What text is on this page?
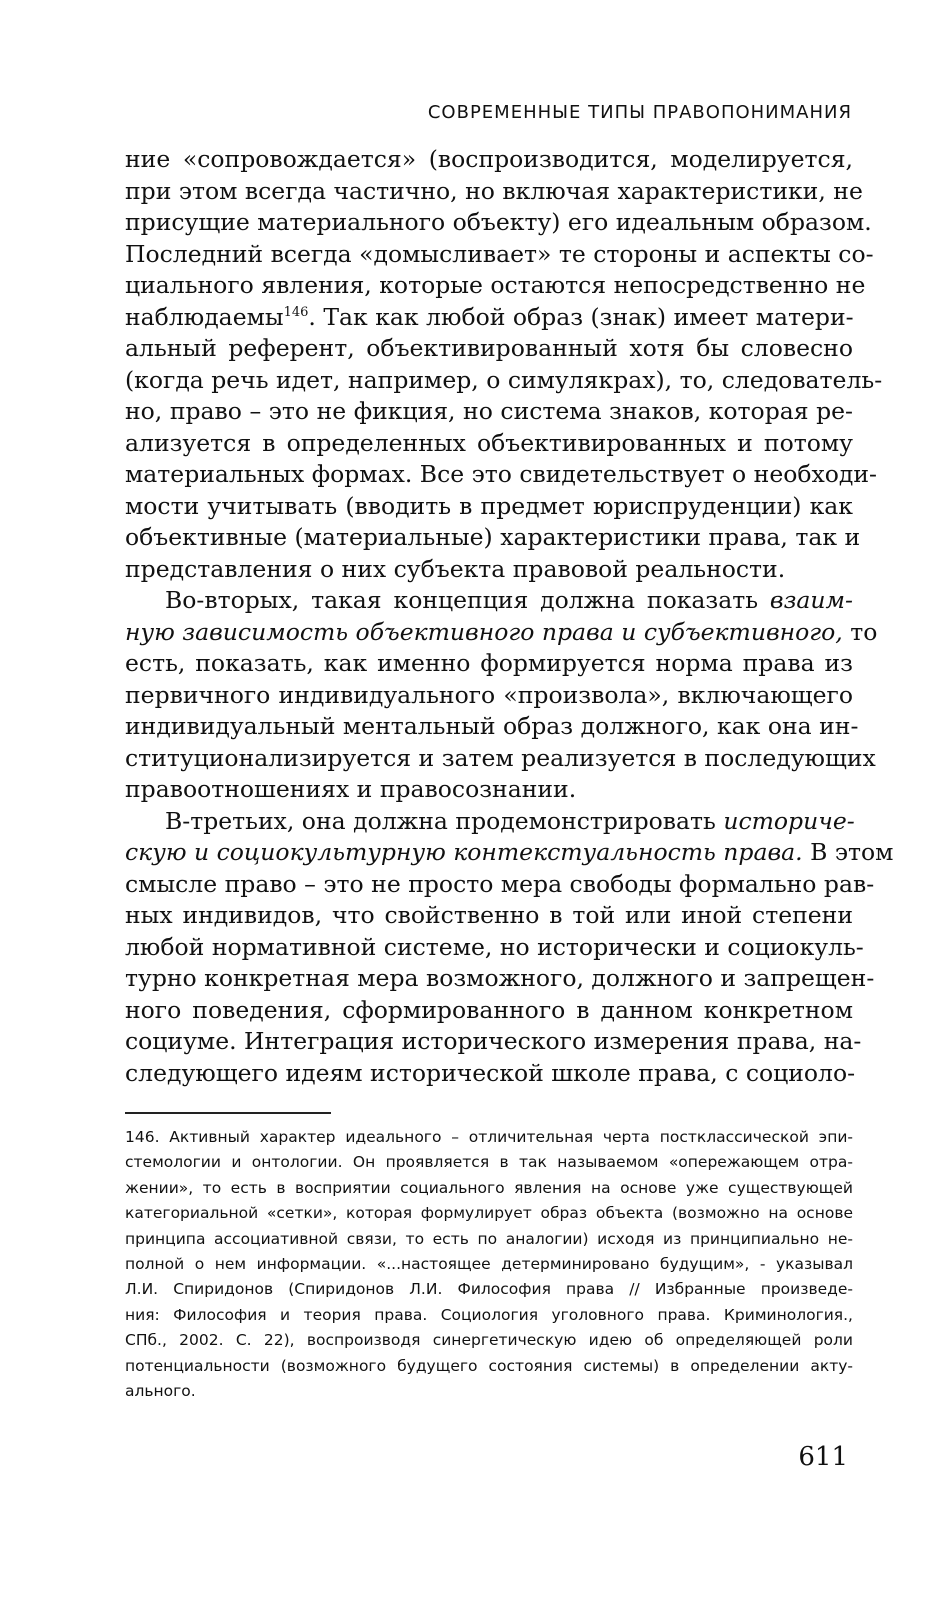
СОВРЕМЕННЫЕ ТИПЫ ПРАВОПОНИМАНИЯ
ние «сопровождается» (воспроизводится, моделируется,
при этом всегда частично, но включая характеристики, не
присущие материального объекту) его идеальным образом.
Последний всегда «домысливает» те стороны и аспекты со-
циального явления, которые остаются непосредственно не
наблюдаемы$^{146}$. Так как любой образ (знак) имеет матери-
альный референт, объективированный хотя бы словесно
(когда речь идет, например, о симулякрах), то, следователь-
но, право – это не фикция, но система знаков, которая ре-
ализуется в определенных объективированных и потому
материальных формах. Все это свидетельствует о необходи-
мости учитывать (вводить в предмет юриспруденции) как
объективные (материальные) характеристики права, так и
представления о них субъекта правовой реальности.
Во-вторых, такая концепция должна показать взаим-
ную зависимость объективного права и субъективного, то
есть, показать, как именно формируется норма права из
первичного индивидуального «произвола», включающего
индивидуальный ментальный образ должного, как она ин-
ституционализируется и затем реализуется в последующих
правоотношениях и правосознании.
В-третьих, она должна продемонстрировать историче-
скую и социокультурную контекстуальность права. В этом
смысле право – это не просто мера свободы формально рав-
ных индивидов, что свойственно в той или иной степени
любой нормативной системе, но исторически и социокуль-
турно конкретная мера возможного, должного и запрещен-
ного поведения, сформированного в данном конкретном
социуме. Интеграция исторического измерения права, на-
следующего идеям исторической школе права, с социоло-
146. Активный характер идеального – отличительная черта постклассической эпи-
стемологии и онтологии. Он проявляется в так называемом «опережающем отра-
жении», то есть в восприятии социального явления на основе уже существующей
категориальной «сетки», которая формулирует образ объекта (возможно на основе
принципа ассоциативной связи, то есть по аналогии) исходя из принципиально не-
полной о нем информации. «...настоящее детерминировано будущим», - указывал
Л.И. Спиридонов (Спиридонов Л.И. Философия права // Избранные произведе-
ния: Философия и теория права. Социология уголовного права. Криминология.,
СПб., 2002. С. 22), воспроизводя синергетическую идею об определяющей роли
потенциальности (возможного будущего состояния системы) в определении акту-
ального.
611
